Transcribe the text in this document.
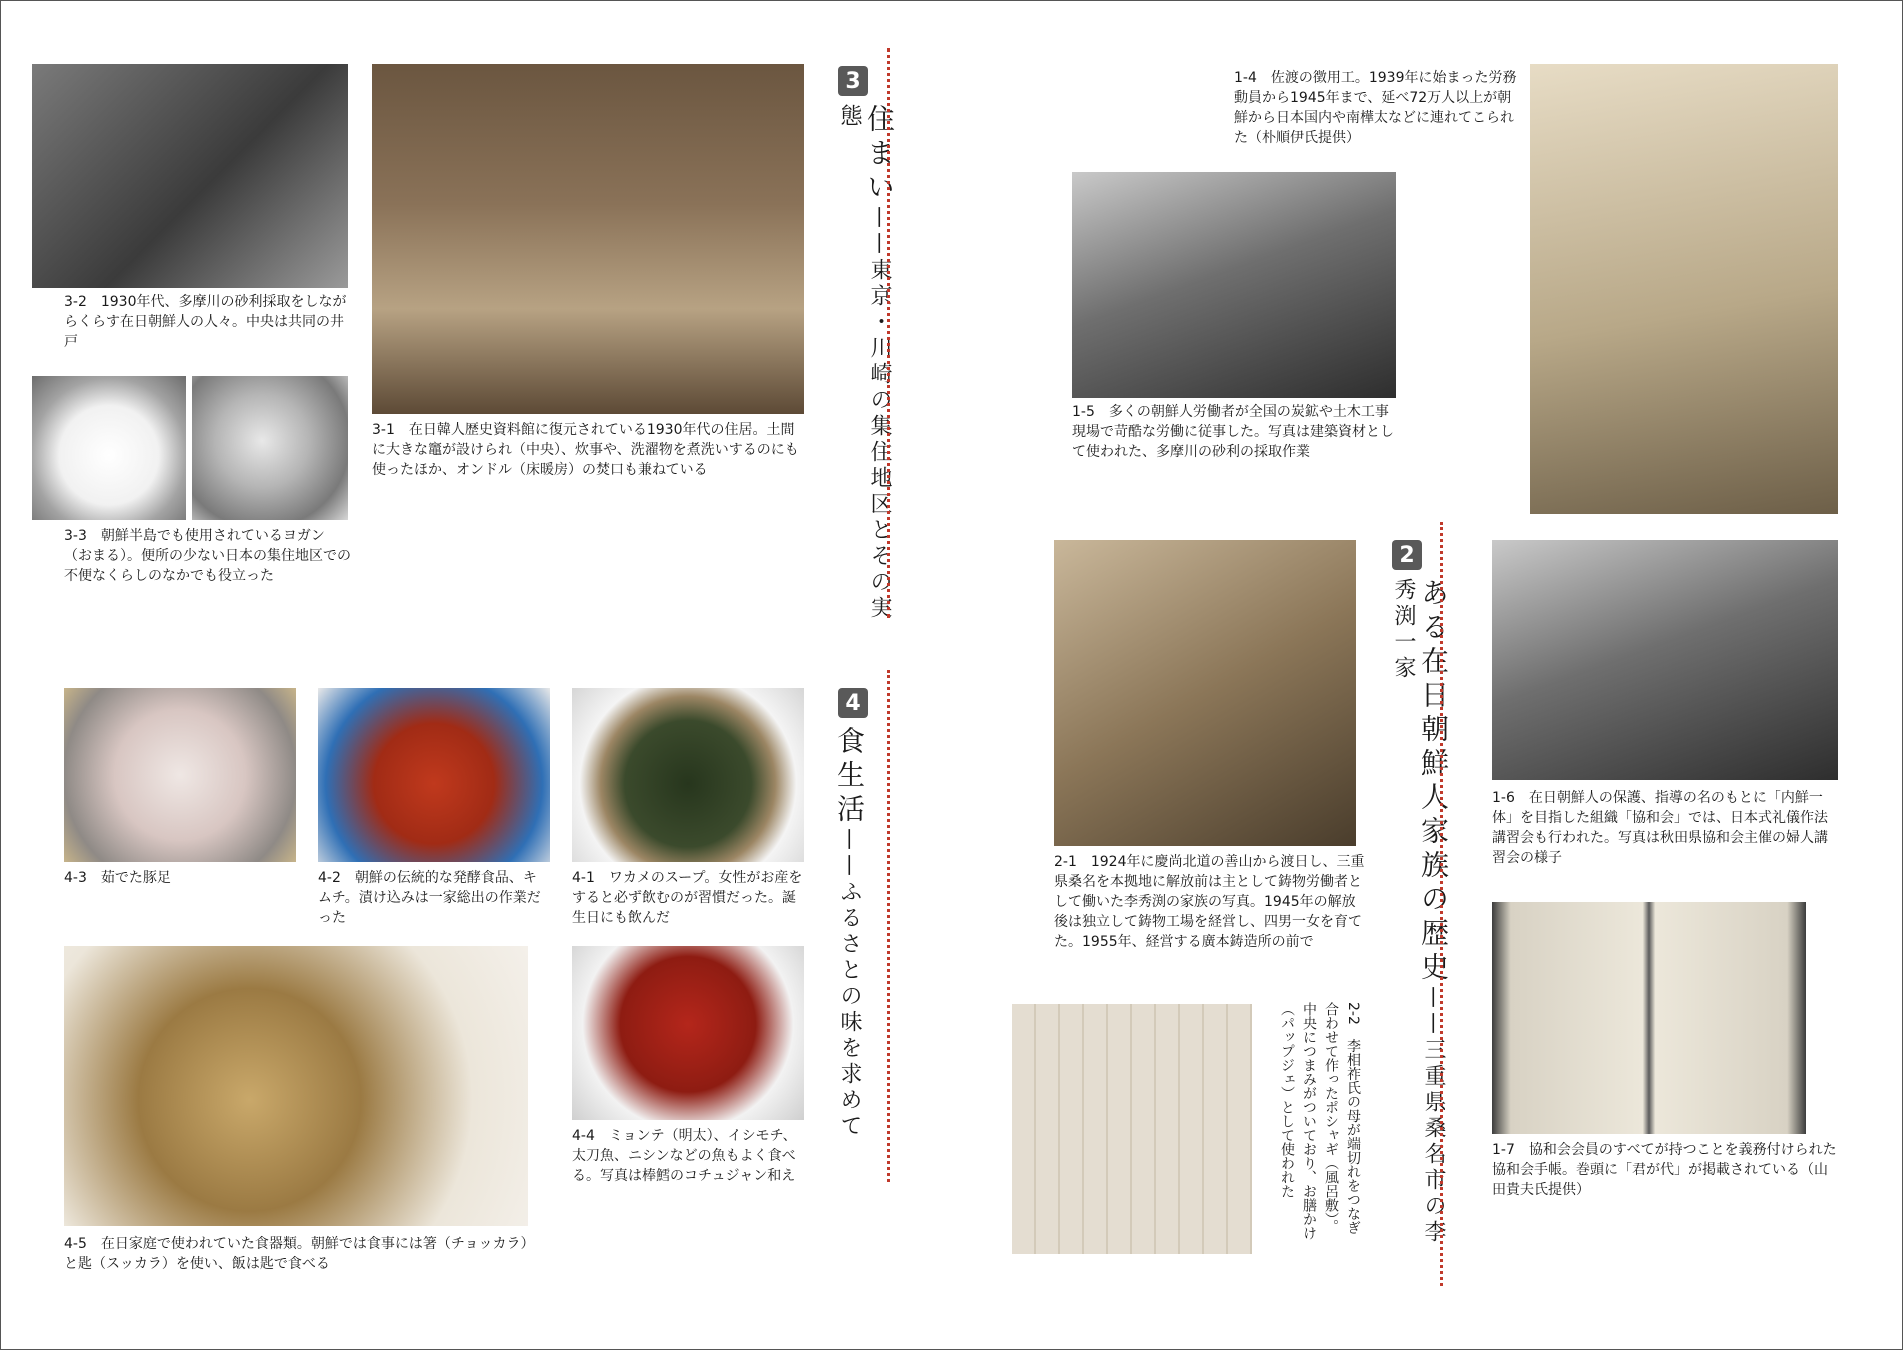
3-2　1930年代、多摩川の砂利採取をしながらくらす在日朝鮮人の人々。中央は共同の井戸

3-1　在日韓人歴史資料館に復元されている1930年代の住居。土間に大きな竈が設けられ（中央）、炊事や、洗濯物を煮洗いするのにも使ったほか、オンドル（床暖房）の焚口も兼ねている

3-3　朝鮮半島でも使用されているヨガン（おまる）。便所の少ない日本の集住地区での不便なくらしのなかでも役立った

3

住まい——東京・川崎の集住地区とその実態

4

食生活——ふるさとの味を求めて

4-3　茹でた豚足	4-2　朝鮮の伝統的な発酵食品、キムチ。漬け込みは一家総出の作業だった

4-1　ワカメのスープ。女性がお産をすると必ず飲むのが習慣だった。誕生日にも飲んだ

4-5　在日家庭で使われていた食器類。朝鮮では食事には箸（チョッカラ）と匙（スッカラ）を使い、飯は匙で食べる

4-4　ミョンテ（明太）、イシモチ、太刀魚、ニシンなどの魚もよく食べる。写真は棒鱈のコチュジャン和え

1-4　佐渡の徴用工。1939年に始まった労務動員から1945年まで、延べ72万人以上が朝鮮から日本国内や南樺太などに連れてこられた（朴順伊氏提供）

1-5　多くの朝鮮人労働者が全国の炭鉱や土木工事現場で苛酷な労働に従事した。写真は建築資材として使われた、多摩川の砂利の採取作業

2-1　1924年に慶尚北道の善山から渡日し、三重県桑名を本拠地に解放前は主として鋳物労働者として働いた李秀渕の家族の写真。1945年の解放後は独立して鋳物工場を経営し、四男一女を育てた。1955年、経営する廣本鋳造所の前で

2-2　李相祚氏の母が端切れをつなぎ合わせて作ったポシャギ（風呂敷）。中央につまみがついており、お膳かけ（パップジェ）として使われた

2

ある在日朝鮮人家族の歴史——三重県桑名市の李秀渕一家

1-6　在日朝鮮人の保護、指導の名のもとに「内鮮一体」を目指した組織「協和会」では、日本式礼儀作法講習会も行われた。写真は秋田県協和会主催の婦人講習会の様子

1-7　協和会会員のすべてが持つことを義務付けられた協和会手帳。巻頭に「君が代」が掲載されている（山田貴夫氏提供）
